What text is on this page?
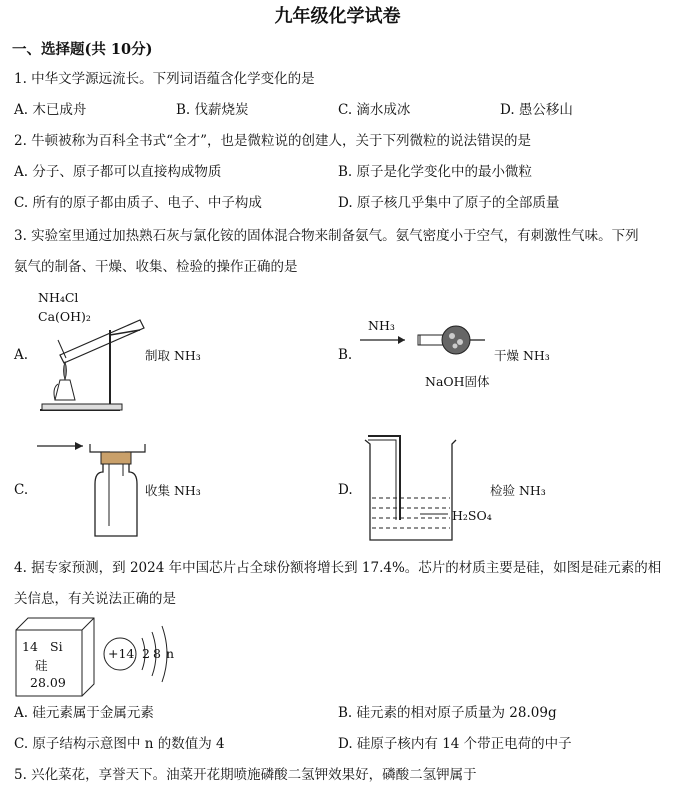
九年级化学试卷
一、选择题(共 10分)
1. 中华文学源远流长。下列词语蕴含化学变化的是
A. 木已成舟	B. 伐薪烧炭	C. 滴水成冰	D. 愚公移山
2. 牛顿被称为百科全书式“全才”，也是微粒说的创建人，关于下列微粒的说法错误的是
A. 分子、原子都可以直接构成物质	B. 原子是化学变化中的最小微粒
C. 所有的原子都由质子、电子、中子构成	D. 原子核几乎集中了原子的全部质量
3. 实验室里通过加热熟石灰与氯化铵的固体混合物来制备氨气。氨气密度小于空气，有刺激性气味。下列
氨气的制备、干燥、收集、检验的操作正确的是
A.
NH₄Cl
Ca(OH)₂
制取 NH₃	B.
NH₃
NaOH固体
干燥 NH₃
C.	收集 NH₃	D.
H₂SO₄
检验 NH₃
4. 据专家预测，到 2024 年中国芯片占全球份额将增长到 17.4%。芯片的材质主要是硅，如图是硅元素的相
关信息，有关说法正确的是
14 Si
硅
28.09
+14 2 8 n
A. 硅元素属于金属元素	B. 硅元素的相对原子质量为 28.09g
C. 原子结构示意图中 n 的数值为 4	D. 硅原子核内有 14 个带正电荷的中子
5. 兴化菜花，享誉天下。油菜开花期喷施磷酸二氢钾效果好，磷酸二氢钾属于
